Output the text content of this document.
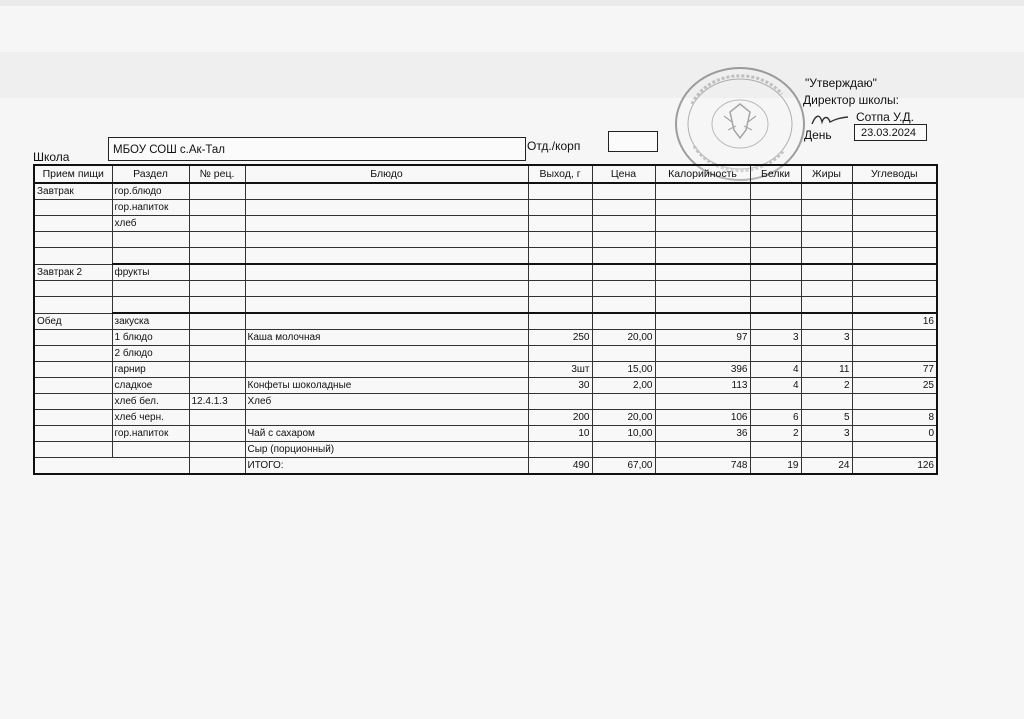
"Утверждаю"
Директор школы:
Сотпа У.Д.
День	23.03.2024
Школа	МБОУ СОШ с.Ак-Тал	Отд./корп
Прием пищи	Раздел	№ рец.	Блюдо	Выход, г	Цена	Калорийность	Белки	Жиры	Углеводы
Завтрак	гор.блюдо								
	гор.напиток								
	хлеб								

Завтрак 2	фрукты								

Обед	закуска								16
	1 блюдо		Каша молочная	250	20,00	97	3	3	
	2 блюдо								
	гарнир			3шт	15,00	396	4	11	77
	сладкое		Конфеты шоколадные	30	2,00	113	4	2	25
	хлеб бел.	12.4.1.3	Хлеб						
	хлеб черн.			200	20,00	106	6	5	8
	гор.напиток		Чай с сахаром	10	10,00	36	2	3	0
			Сыр (порционный)						
			ИТОГО:	490	67,00	748	19	24	126
